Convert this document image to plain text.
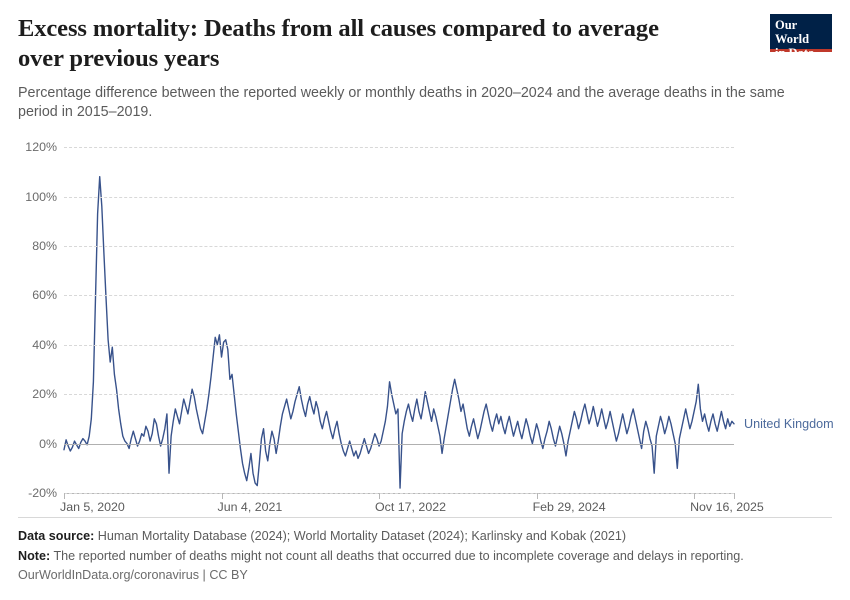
Excess mortality: Deaths from all causes compared to average over previous years

Percentage difference between the reported weekly or monthly deaths in 2020–2024 and the average deaths in the same period in 2015–2019.

Our World
in Data
-20%
0%
20%
40%
60%
80%
100%
120%
Jan 5, 2020	Jun 4, 2021	Oct 17, 2022	Feb 29, 2024	Nov 16, 2025
United Kingdom
Data source: Human Mortality Database (2024); World Mortality Dataset (2024); Karlinsky and Kobak (2021)
Note: The reported number of deaths might not count all deaths that occurred due to incomplete coverage and delays in reporting.
OurWorldInData.org/coronavirus | CC BY
